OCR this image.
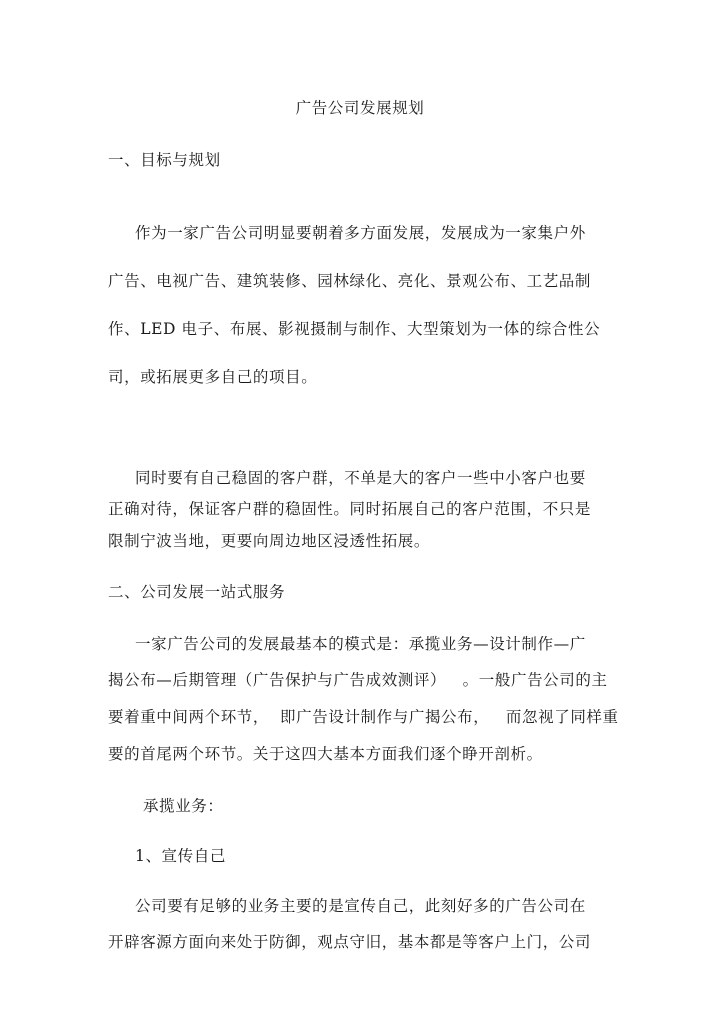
广告公司发展规划
一、目标与规划
作为一家广告公司明显要朝着多方面发展，发展成为一家集户外
广告、电视广告、建筑装修、园林绿化、亮化、景观公布、工艺品制
作、LED 电子、布展、影视摄制与制作、大型策划为一体的综合性公
司，或拓展更多自己的项目。
同时要有自己稳固的客户群，不单是大的客户一些中小客户也要
正确对待，保证客户群的稳固性。同时拓展自己的客户范围，不只是
限制宁波当地，更要向周边地区浸透性拓展。
二、公司发展一站式服务
一家广告公司的发展最基本的模式是：承揽业务—设计制作—广
揭公布—后期管理（广告保护与广告成效测评）   。一般广告公司的主
要着重中间两个环节，  即广告设计制作与广揭公布，   而忽视了同样重
要的首尾两个环节。关于这四大基本方面我们逐个睁开剖析。
承揽业务：
1、宣传自己
公司要有足够的业务主要的是宣传自己，此刻好多的广告公司在
开辟客源方面向来处于防御，观点守旧，基本都是等客户上门，公司
